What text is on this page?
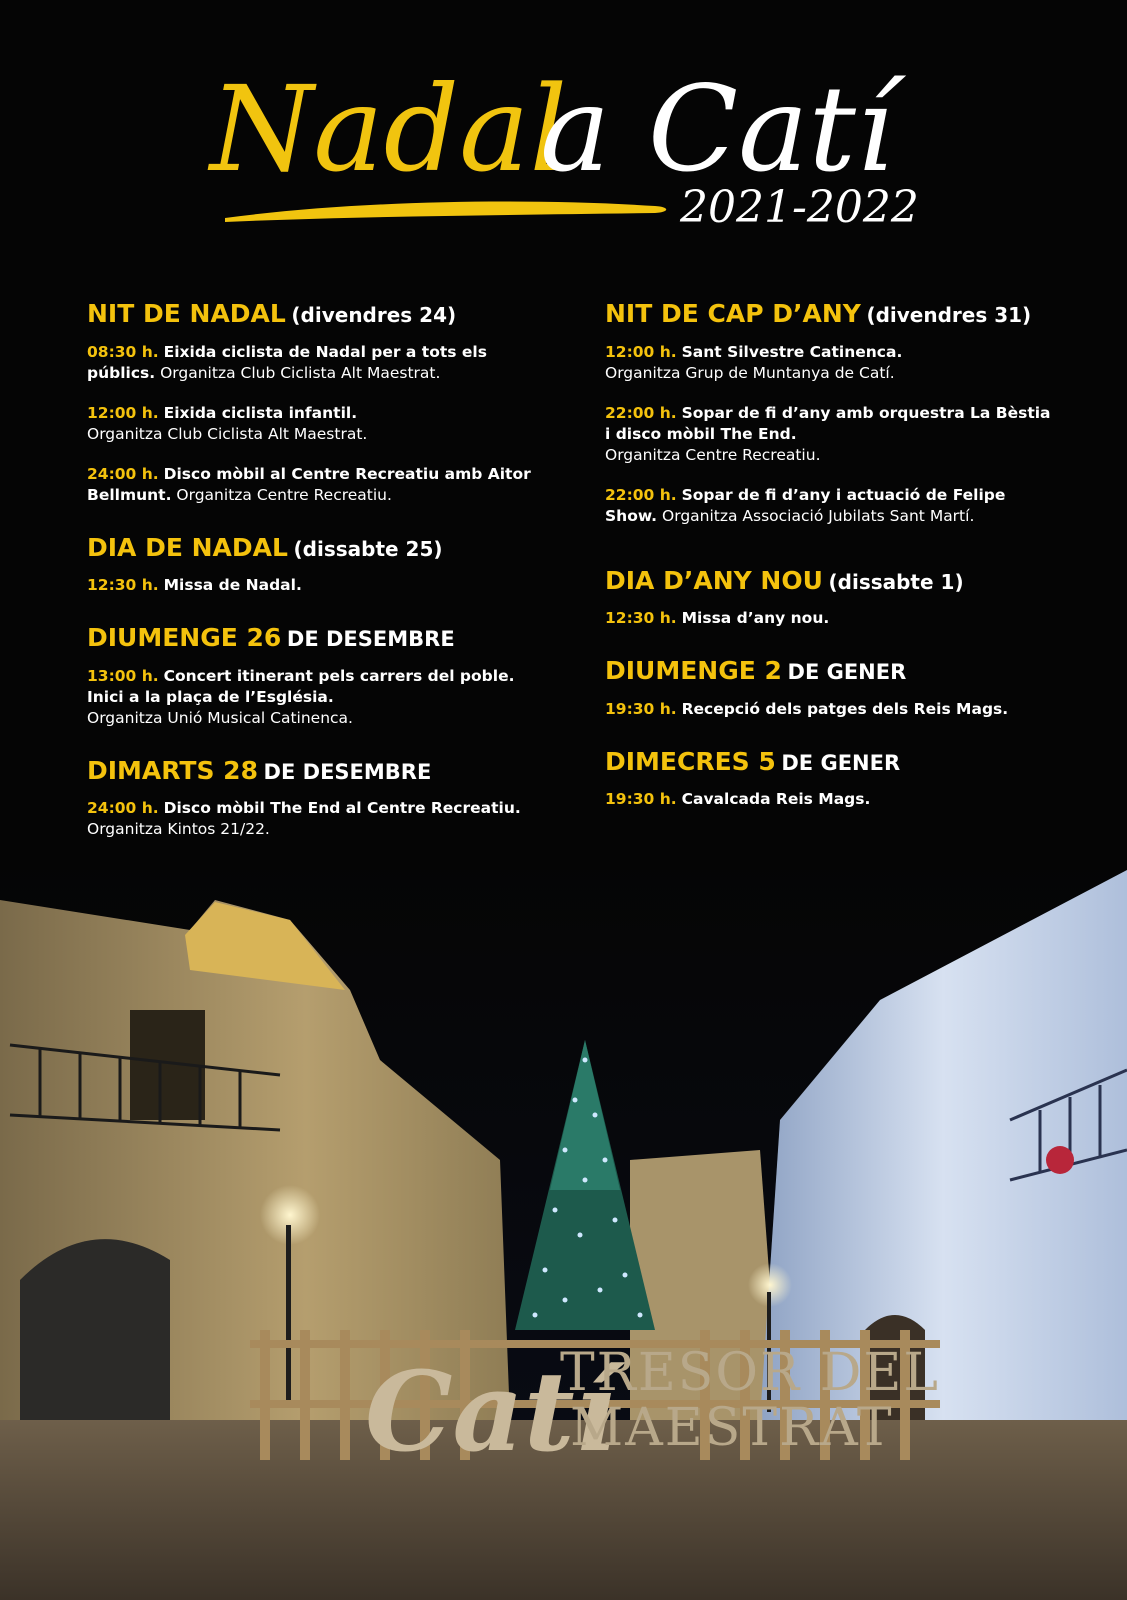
Nadal
a Catí
2021-2022
NIT DE NADAL (divendres 24)

08:30 h. Eixida ciclista de Nadal per a tots els públics. Organitza Club Ciclista Alt Maestrat.

12:00 h. Eixida ciclista infantil.
Organitza Club Ciclista Alt Maestrat.

24:00 h. Disco mòbil al Centre Recreatiu amb Aitor Bellmunt. Organitza Centre Recreatiu.

DIA DE NADAL (dissabte 25)

12:30 h. Missa de Nadal.

DIUMENGE 26 DE DESEMBRE

13:00 h. Concert itinerant pels carrers del poble. Inici a la plaça de l’Església.
Organitza Unió Musical Catinenca.

DIMARTS 28 DE DESEMBRE

24:00 h. Disco mòbil The End al Centre Recreatiu.
Organitza Kintos 21/22.

NIT DE CAP D’ANY (divendres 31)

12:00 h. Sant Silvestre Catinenca.
Organitza Grup de Muntanya de Catí.

22:00 h. Sopar de fi d’any amb orquestra La Bèstia i disco mòbil The End.
Organitza Centre Recreatiu.

22:00 h. Sopar de fi d’any i actuació de Felipe Show. Organitza Associació Jubilats Sant Martí.

DIA D’ANY NOU (dissabte 1)

12:30 h. Missa d’any nou.

DIUMENGE 2 DE GENER

19:30 h. Recepció dels patges dels Reis Mags.

DIMECRES 5 DE GENER

19:30 h. Cavalcada Reis Mags.

Catí
TRESOR DEL
MAESTRAT
